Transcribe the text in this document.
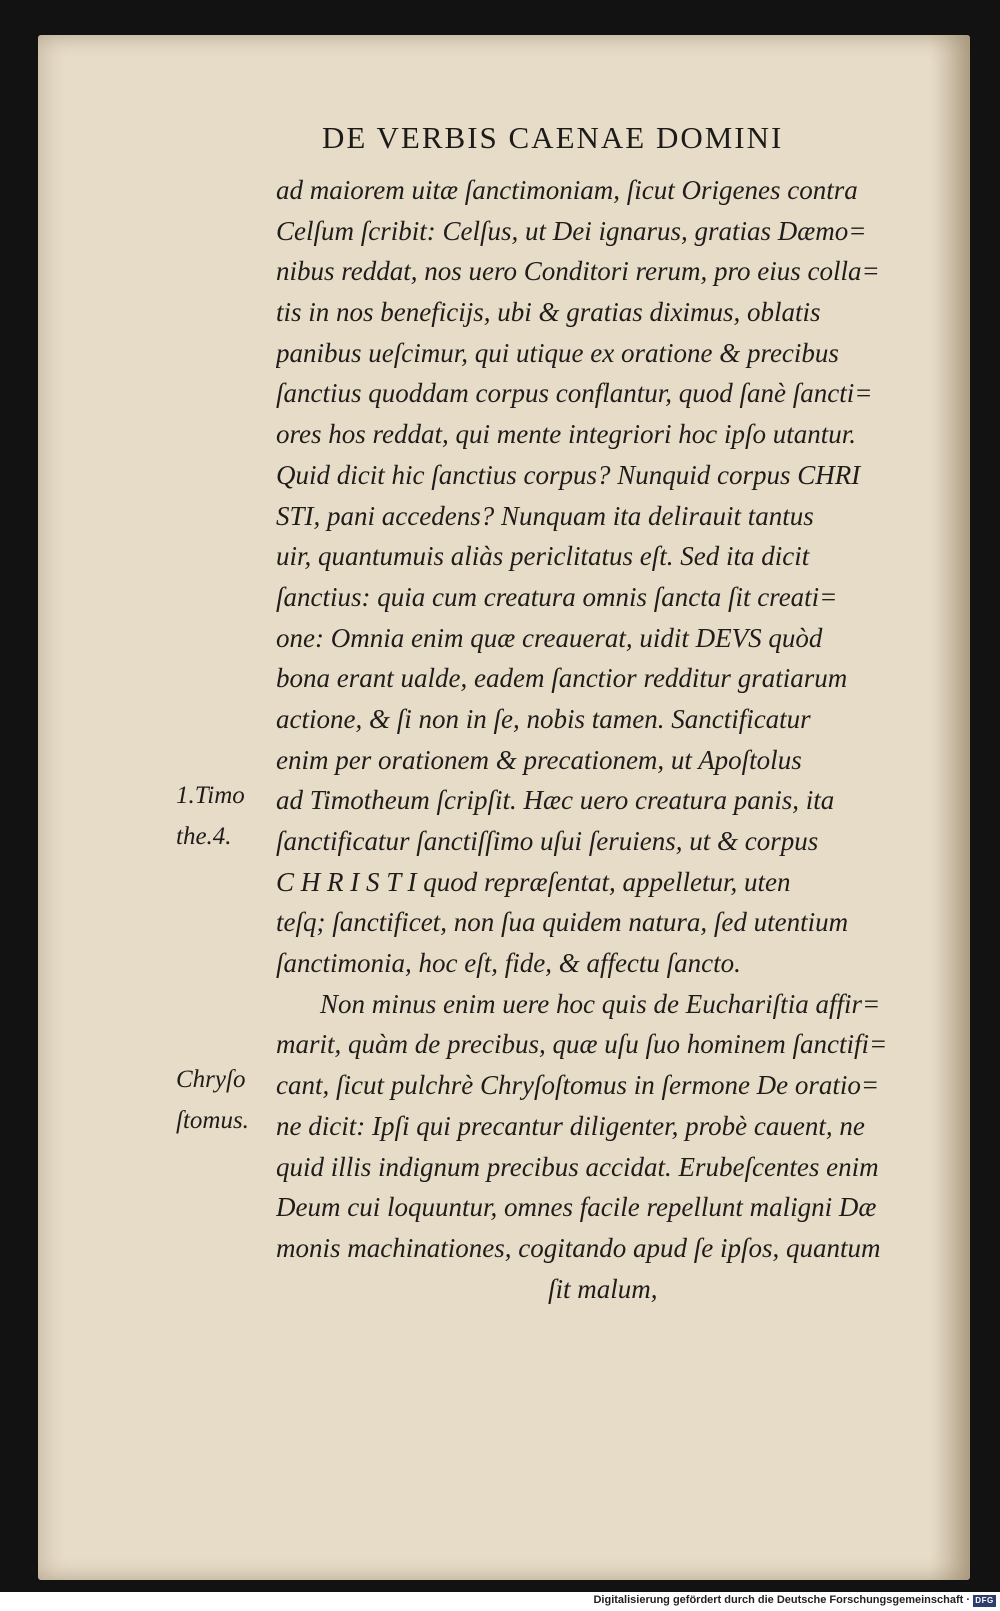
DE VERBIS CAENAE DOMINI
1.Timo
the.4.
Chryſo
ſtomus.
ad maiorem uitæ ſanctimoniam, ſicut Origenes contra
Celſum ſcribit: Celſus, ut Dei ignarus, gratias Dæmo=
nibus reddat, nos uero Conditori rerum, pro eius colla=
tis in nos beneficijs, ubi & gratias diximus, oblatis
panibus ueſcimur, qui utique ex oratione & precibus
ſanctius quoddam corpus conflantur, quod ſanè ſancti=
ores hos reddat, qui mente integriori hoc ipſo utantur.
Quid dicit hic ſanctius corpus? Nunquid corpus CHRI
STI, pani accedens? Nunquam ita delirauit tantus
uir, quantumuis aliàs periclitatus eſt. Sed ita dicit
ſanctius: quia cum creatura omnis ſancta ſit creati=
one: Omnia enim quæ creauerat, uidit DEVS quòd
bona erant ualde, eadem ſanctior redditur gratiarum
actione, & ſi non in ſe, nobis tamen. Sanctificatur
enim per orationem & precationem, ut Apoſtolus
ad Timotheum ſcripſit. Hæc uero creatura panis, ita
ſanctificatur ſanctiſſimo uſui ſeruiens, ut & corpus
C H R I S T I quod repræſentat, appelletur, uten
teſq; ſanctificet, non ſua quidem natura, ſed utentium
ſanctimonia, hoc eſt, fide, & affectu ſancto.
Non minus enim uere hoc quis de Euchariſtia affir=
marit, quàm de precibus, quæ uſu ſuo hominem ſanctifi=
cant, ſicut pulchrè Chryſoſtomus in ſermone De oratio=
ne dicit: Ipſi qui precantur diligenter, probè cauent, ne
quid illis indignum precibus accidat. Erubeſcentes enim
Deum cui loquuntur, omnes facile repellunt maligni Dæ
monis machinationes, cogitando apud ſe ipſos, quantum
ſit malum,
Digitalisierung gefördert durch die Deutsche Forschungsgemeinschaft · DFG
